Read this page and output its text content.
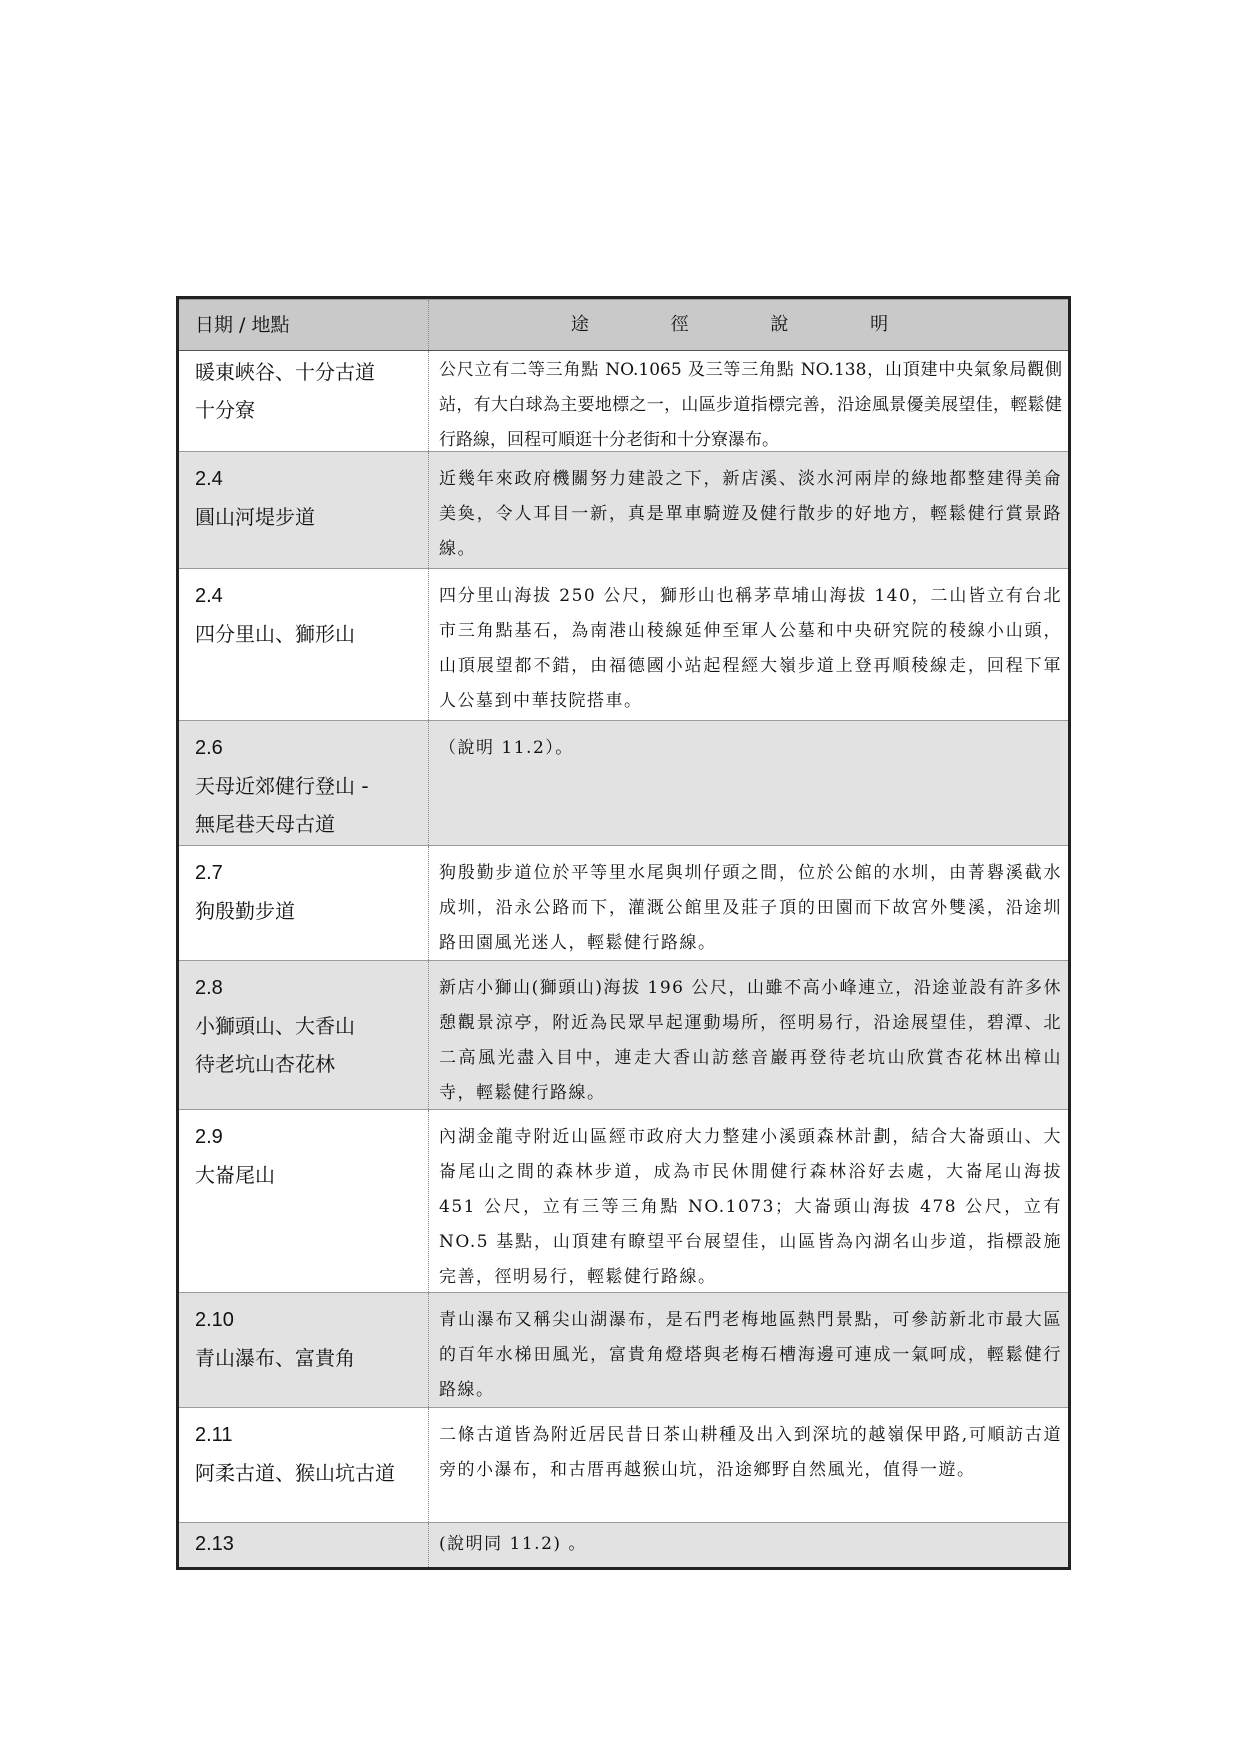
日期 / 地點	途 徑 說 明
暖東峽谷、十分古道
十分寮
公尺立有二等三角點 NO.1065 及三等三角點 NO.138，山頂建中央氣象局觀側站，有大白球為主要地標之一，山區步道指標完善，沿途風景優美展望佳，輕鬆健行路線，回程可順逛十分老街和十分寮瀑布。
2.4
圓山河堤步道
近幾年來政府機關努力建設之下，新店溪、淡水河兩岸的綠地都整建得美侖美奐，令人耳目一新，真是單車騎遊及健行散步的好地方，輕鬆健行賞景路線。
2.4
四分里山、獅形山
四分里山海拔 250 公尺，獅形山也稱茅草埔山海拔 140，二山皆立有台北市三角點基石，為南港山稜線延伸至軍人公墓和中央研究院的稜線小山頭，山頂展望都不錯，由福德國小站起程經大嶺步道上登再順稜線走，回程下軍人公墓到中華技院搭車。
2.6
天母近郊健行登山 -
無尾巷天母古道
（說明 11.2）。
2.7
狗殷勤步道
狗殷勤步道位於平等里水尾與圳仔頭之間，位於公館的水圳，由菁礜溪截水成圳，沿永公路而下，灌溉公館里及莊子頂的田園而下故宮外雙溪，沿途圳路田園風光迷人，輕鬆健行路線。
2.8
小獅頭山、大香山
待老坑山杏花林
新店小獅山(獅頭山)海拔 196 公尺，山雖不高小峰連立，沿途並設有許多休憩觀景涼亭，附近為民眾早起運動場所，徑明易行，沿途展望佳，碧潭、北二高風光盡入目中，連走大香山訪慈音巖再登待老坑山欣賞杏花林出樟山寺，輕鬆健行路線。
2.9
大崙尾山
內湖金龍寺附近山區經市政府大力整建小溪頭森林計劃，結合大崙頭山、大崙尾山之間的森林步道，成為市民休閒健行森林浴好去處，大崙尾山海拔 451 公尺，立有三等三角點 NO.1073；大崙頭山海拔 478 公尺，立有 NO.5 基點，山頂建有瞭望平台展望佳，山區皆為內湖名山步道，指標設施完善，徑明易行，輕鬆健行路線。
2.10
青山瀑布、富貴角
青山瀑布又稱尖山湖瀑布，是石門老梅地區熱門景點，可參訪新北市最大區的百年水梯田風光，富貴角燈塔與老梅石槽海邊可連成一氣呵成，輕鬆健行路線。
2.11
阿柔古道、猴山坑古道
二條古道皆為附近居民昔日茶山耕種及出入到深坑的越嶺保甲路,可順訪古道旁的小瀑布，和古厝再越猴山坑，沿途鄉野自然風光，值得一遊。
2.13	(說明同 11.2) 。
